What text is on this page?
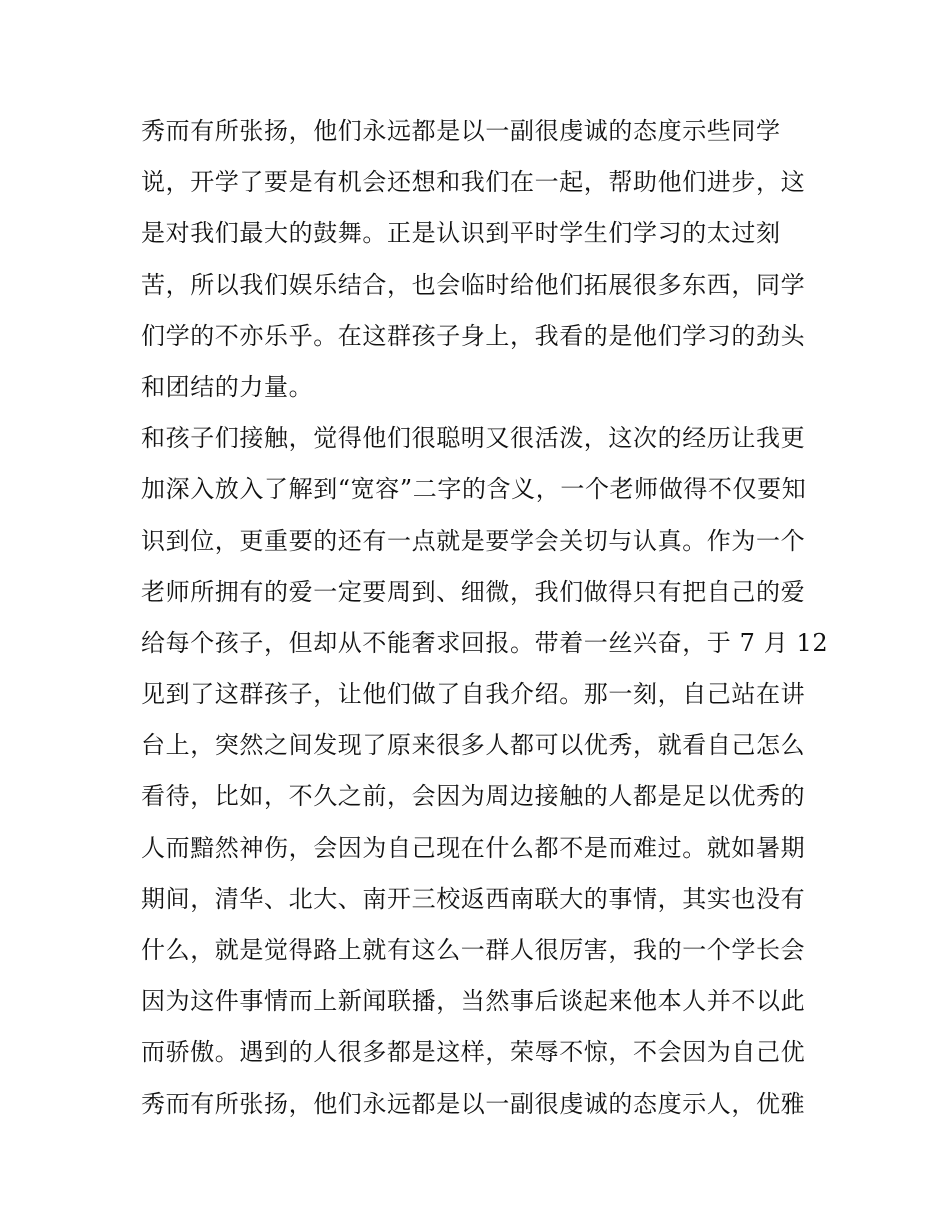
秀而有所张扬，他们永远都是以一副很虔诚的态度示些同学
说，开学了要是有机会还想和我们在一起，帮助他们进步，这
是对我们最大的鼓舞。正是认识到平时学生们学习的太过刻
苦，所以我们娱乐结合，也会临时给他们拓展很多东西，同学
们学的不亦乐乎。在这群孩子身上，我看的是他们学习的劲头
和团结的力量。
和孩子们接触，觉得他们很聪明又很活泼，这次的经历让我更
加深入放入了解到“宽容”二字的含义，一个老师做得不仅要知
识到位，更重要的还有一点就是要学会关切与认真。作为一个
老师所拥有的爱一定要周到、细微，我们做得只有把自己的爱
给每个孩子，但却从不能奢求回报。带着一丝兴奋，于 7 月 12
见到了这群孩子，让他们做了自我介绍。那一刻，自己站在讲
台上，突然之间发现了原来很多人都可以优秀，就看自己怎么
看待，比如，不久之前，会因为周边接触的人都是足以优秀的
人而黯然神伤，会因为自己现在什么都不是而难过。就如暑期
期间，清华、北大、南开三校返西南联大的事情，其实也没有
什么，就是觉得路上就有这么一群人很厉害，我的一个学长会
因为这件事情而上新闻联播，当然事后谈起来他本人并不以此
而骄傲。遇到的人很多都是这样，荣辱不惊，不会因为自己优
秀而有所张扬，他们永远都是以一副很虔诚的态度示人，优雅
